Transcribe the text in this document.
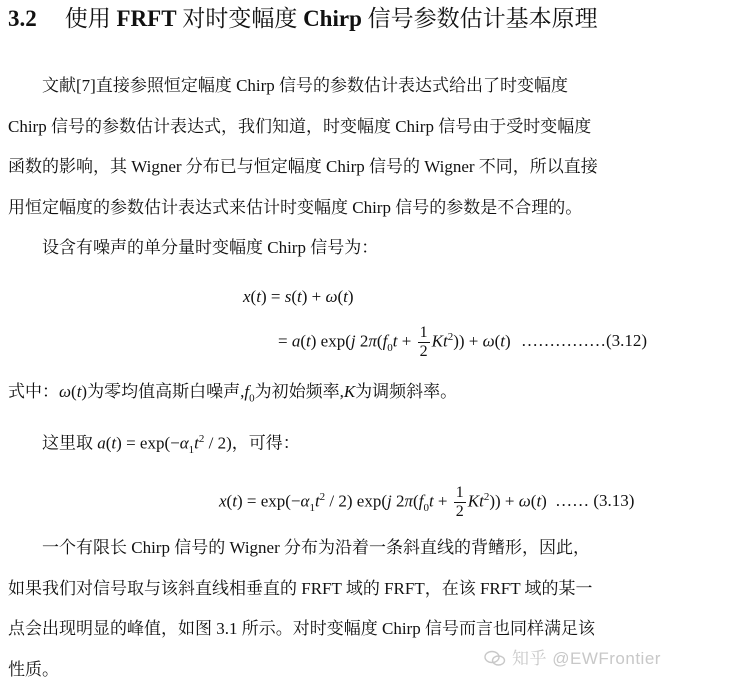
3.2 使用 FRFT 对时变幅度 Chirp 信号参数估计基本原理

文献[7]直接参照恒定幅度 Chirp 信号的参数估计表达式给出了时变幅度

Chirp 信号的参数估计表达式，我们知道，时变幅度 Chirp 信号由于受时变幅度

函数的影响，其 Wigner 分布已与恒定幅度 Chirp 信号的 Wigner 不同，所以直接

用恒定幅度的参数估计表达式来估计时变幅度 Chirp 信号的参数是不合理的。

设含有噪声的单分量时变幅度 Chirp 信号为：

x(t) = s(t) + ω(t)
= a(t) exp(j $2\pi(f_0t + \frac{1}{2} Kt^2)) + \omega(t)$ ……………(3.12)

式中：ω(t)为零均值高斯白噪声$,f_0$为初始频率,K为调频斜率。

这里取 $a(t) = \exp(-\alpha_1t^2 / 2)$，可得：

$x(t) = \exp(-\alpha_1t^2 / 2)$ exp(j $2\pi(f_0t + \frac{1}{2} Kt^2)) + \omega(t)$ …… (3.13)

一个有限长 Chirp 信号的 Wigner 分布为沿着一条斜直线的背鳍形，因此，

如果我们对信号取与该斜直线相垂直的 FRFT 域的 FRFT，在该 FRFT 域的某一

点会出现明显的峰值，如图 3.1 所示。对时变幅度 Chirp 信号而言也同样满足该

性质。

知乎 @EWFrontier
